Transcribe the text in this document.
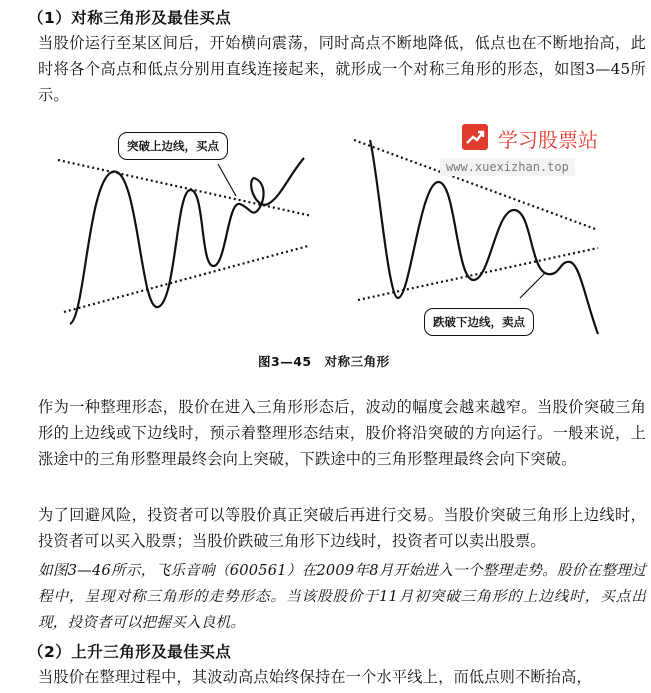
（1）对称三角形及最佳买点
当股价运行至某区间后，开始横向震荡，同时高点不断地降低，低点也在不断地抬高，此时将各个高点和低点分别用直线连接起来，就形成一个对称三角形的形态，如图3—45所示。
突破上边线，买点
跌破下边线，卖点
学习股票站
www.xuexizhan.top
图3—45　对称三角形
作为一种整理形态，股价在进入三角形形态后，波动的幅度会越来越窄。当股价突破三角形的上边线或下边线时，预示着整理形态结束，股价将沿突破的方向运行。一般来说，上涨途中的三角形整理最终会向上突破，下跌途中的三角形整理最终会向下突破。
为了回避风险，投资者可以等股价真正突破后再进行交易。当股价突破三角形上边线时，投资者可以买入股票；当股价跌破三角形下边线时，投资者可以卖出股票。
如图3—46所示，飞乐音响（600561）在2009年8月开始进入一个整理走势。股价在整理过程中，呈现对称三角形的走势形态。当该股股价于11月初突破三角形的上边线时，买点出现，投资者可以把握买入良机。
（2）上升三角形及最佳买点
当股价在整理过程中，其波动高点始终保持在一个水平线上，而低点则不断抬高，
